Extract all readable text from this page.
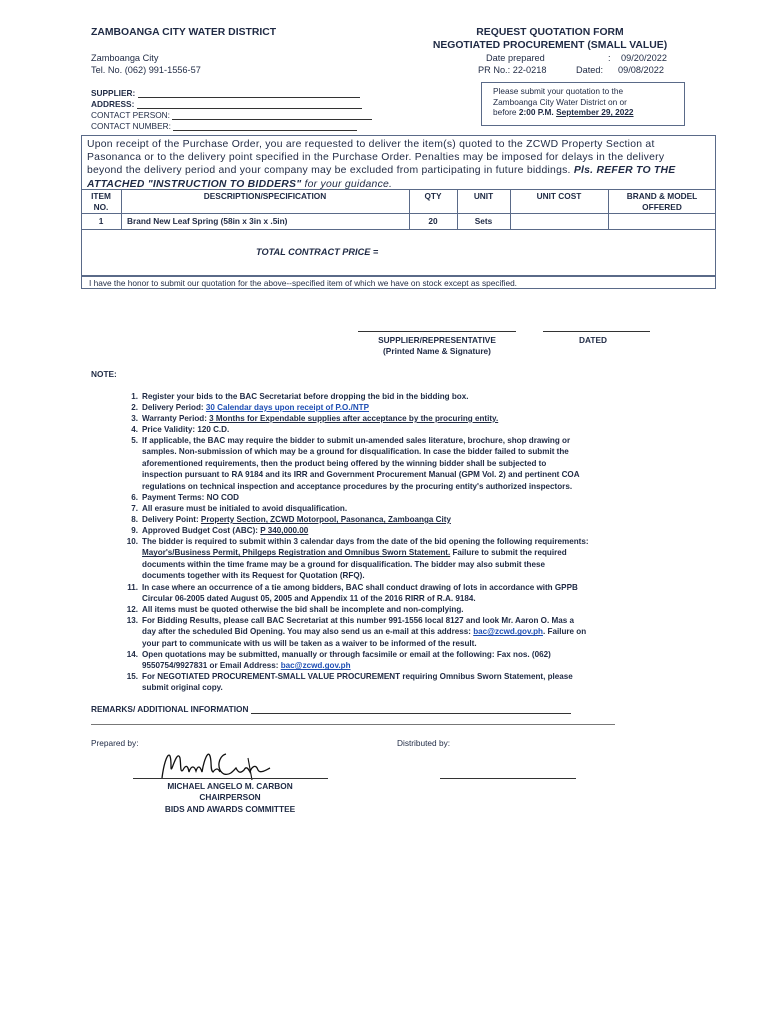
ZAMBOANGA CITY WATER DISTRICT
Zamboanga City
Tel. No. (062) 991-1556-57
REQUEST QUOTATION FORM
NEGOTIATED PROCUREMENT (SMALL VALUE)
Date prepared	: 09/20/2022
PR No.: 22-0218	Dated: 09/08/2022
SUPPLIER:
ADDRESS:
CONTACT PERSON:
CONTACT NUMBER:
Please submit your quotation to the
Zamboanga City Water District on or
before 2:00 P.M. September 29, 2022
Upon receipt of the Purchase Order, you are requested to deliver the item(s) quoted to the ZCWD Property Section at
Pasonanca or to the delivery point specified in the Purchase Order. Penalties may be imposed for delays in the delivery
beyond the delivery period and your company may be excluded from participating in future biddings. Pls. REFER TO THE
ATTACHED "INSTRUCTION TO BIDDERS" for your guidance.
ITEM
NO.
DESCRIPTION/SPECIFICATION	QTY	UNIT	UNIT COST	BRAND & MODEL
OFFERED
1	Brand New Leaf Spring (58in x 3in x .5in)	20	Sets
TOTAL CONTRACT PRICE =
I have the honor to submit our quotation for the above--specified item of which we have on stock except as specified.
SUPPLIER/REPRESENTATIVE
(Printed Name & Signature)
DATED
NOTE:
1. Register your bids to the BAC Secretariat before dropping the bid in the bidding box.
2. Delivery Period: 30 Calendar days upon receipt of P.O./NTP
3. Warranty Period: 3 Months for Expendable supplies after acceptance by the procuring entity.
4. Price Validity: 120 C.D.
5. If applicable, the BAC may require the bidder to submit un-amended sales literature, brochure, shop drawing or
samples. Non-submission of which may be a ground for disqualification. In case the bidder failed to submit the
aforementioned requirements, then the product being offered by the winning bidder shall be subjected to
inspection pursuant to RA 9184 and its IRR and Government Procurement Manual (GPM Vol. 2) and pertinent COA
regulations on technical inspection and acceptance procedures by the procuring entity's authorized inspectors.
6. Payment Terms: NO COD
7. All erasure must be initialed to avoid disqualification.
8. Delivery Point: Property Section, ZCWD Motorpool, Pasonanca, Zamboanga City
9. Approved Budget Cost (ABC): P 340,000.00
10. The bidder is required to submit within 3 calendar days from the date of the bid opening the following requirements:
Mayor's/Business Permit, Philgeps Registration and Omnibus Sworn Statement. Failure to submit the required
documents within the time frame may be a ground for disqualification. The bidder may also submit these
documents together with its Request for Quotation (RFQ).
11. In case where an occurrence of a tie among bidders, BAC shall conduct drawing of lots in accordance with GPPB
Circular 06-2005 dated August 05, 2005 and Appendix 11 of the 2016 RIRR of R.A. 9184.
12. All items must be quoted otherwise the bid shall be incomplete and non-complying.
13. For Bidding Results, please call BAC Secretariat at this number 991-1556 local 8127 and look Mr. Aaron O. Mas a
day after the scheduled Bid Opening. You may also send us an e-mail at this address: bac@zcwd.gov.ph. Failure on
your part to communicate with us will be taken as a waiver to be informed of the result.
14. Open quotations may be submitted, manually or through facsimile or email at the following: Fax nos. (062)
9550754/9927831 or Email Address: bac@zcwd.gov.ph
15. For NEGOTIATED PROCUREMENT-SMALL VALUE PROCUREMENT requiring Omnibus Sworn Statement, please
submit original copy.
REMARKS/ ADDITIONAL INFORMATION
Prepared by:	Distributed by:
MICHAEL ANGELO M. CARBON
CHAIRPERSON
BIDS AND AWARDS COMMITTEE
